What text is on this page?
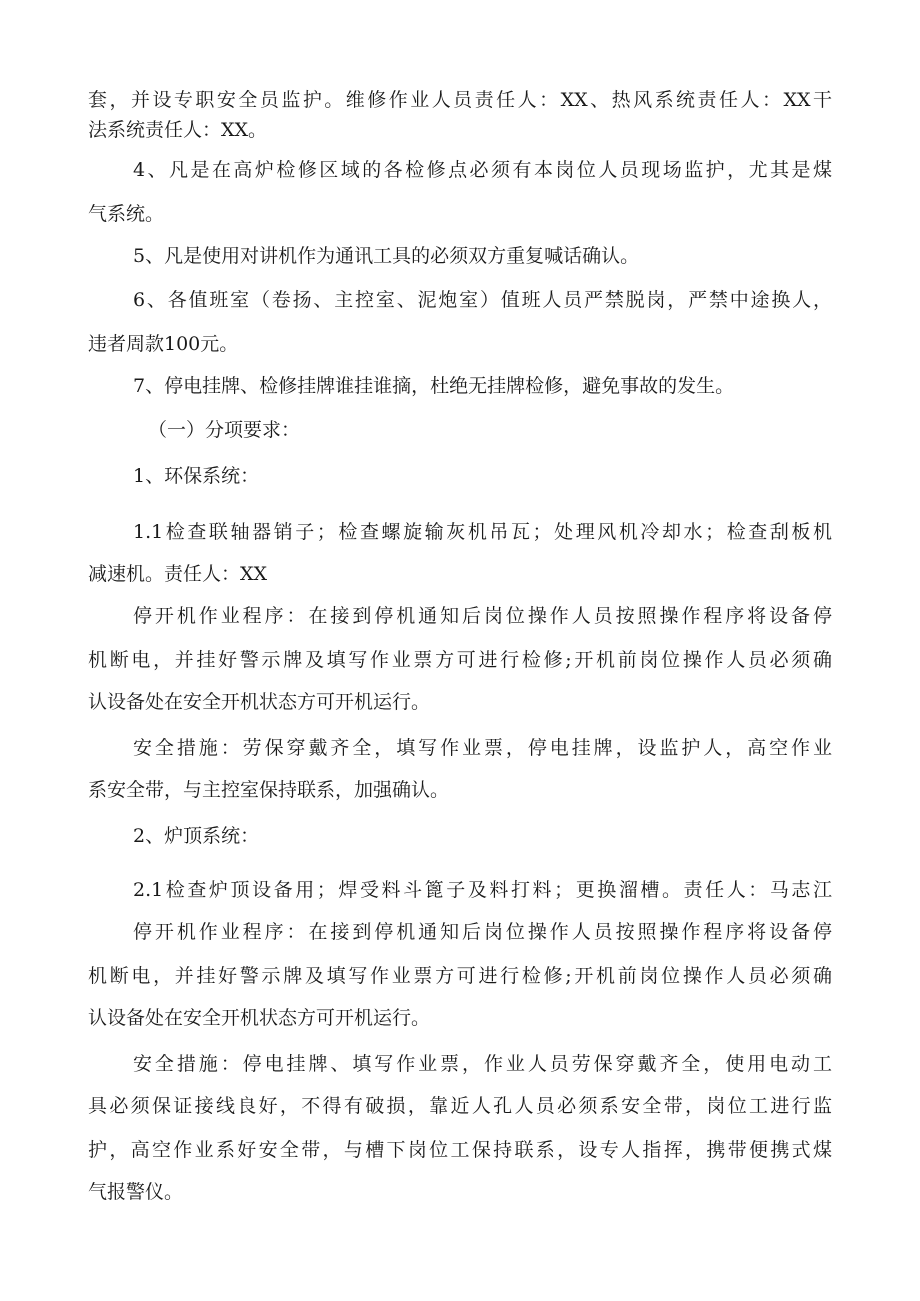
套，并设专职安全员监护。维修作业人员责任人：XX、热风系统责任人：XX干
法系统责任人：XX。
4、凡是在高炉检修区域的各检修点必须有本岗位人员现场监护，尤其是煤
气系统。
5、凡是使用对讲机作为通讯工具的必须双方重复喊话确认。
6、各值班室（卷扬、主控室、泥炮室）值班人员严禁脱岗，严禁中途换人，
违者周款100元。
7、停电挂牌、检修挂牌谁挂谁摘，杜绝无挂牌检修，避免事故的发生。
（一）分项要求：
1、环保系统：
1.1检查联轴器销子；检查螺旋输灰机吊瓦；处理风机冷却水；检查刮板机
减速机。责任人：XX
停开机作业程序：在接到停机通知后岗位操作人员按照操作程序将设备停
机断电，并挂好警示牌及填写作业票方可进行检修;开机前岗位操作人员必须确
认设备处在安全开机状态方可开机运行。
安全措施：劳保穿戴齐全，填写作业票，停电挂牌，设监护人，高空作业
系安全带，与主控室保持联系，加强确认。
2、炉顶系统：
2.1检查炉顶设备用；焊受料斗篦子及料打料；更换溜槽。责任人：马志江
停开机作业程序：在接到停机通知后岗位操作人员按照操作程序将设备停
机断电，并挂好警示牌及填写作业票方可进行检修;开机前岗位操作人员必须确
认设备处在安全开机状态方可开机运行。
安全措施：停电挂牌、填写作业票，作业人员劳保穿戴齐全，使用电动工
具必须保证接线良好，不得有破损，靠近人孔人员必须系安全带，岗位工进行监
护，高空作业系好安全带，与槽下岗位工保持联系，设专人指挥，携带便携式煤
气报警仪。
